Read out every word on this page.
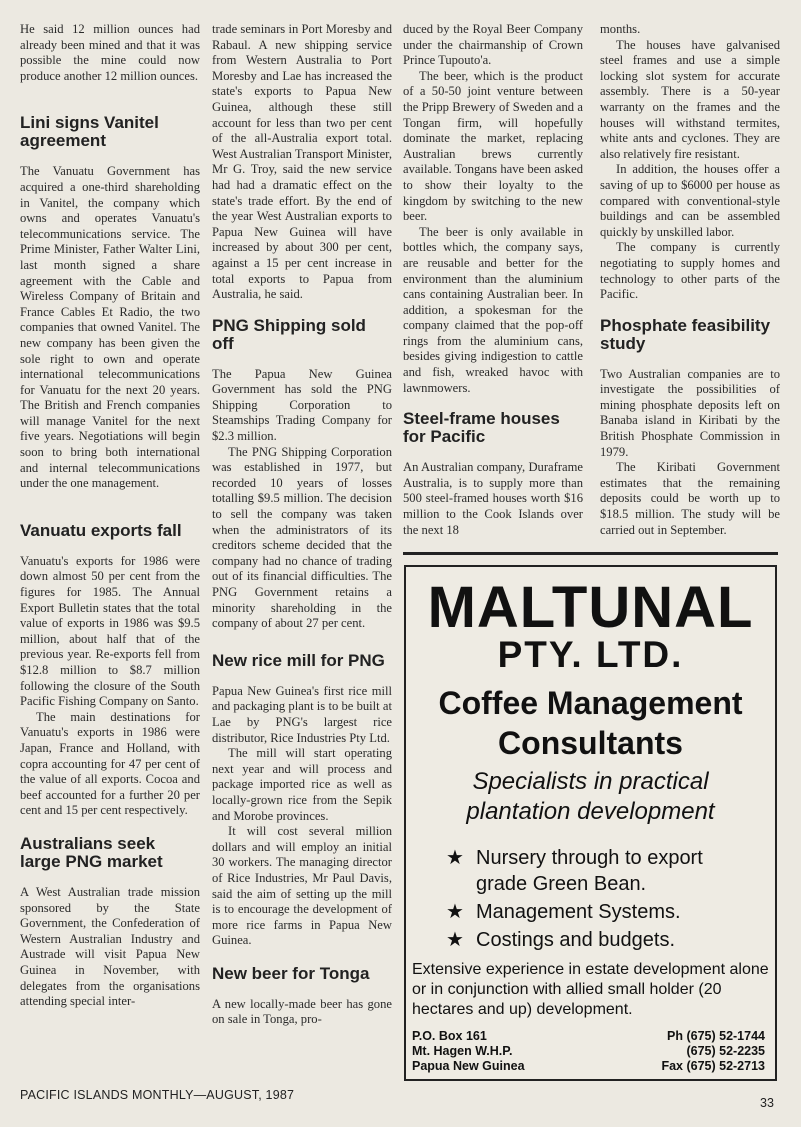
He said 12 million ounces had already been mined and that it was possible the mine could now produce another 12 million ounces.

Lini signs Vanitel agreement

The Vanuatu Government has acquired a one-third shareholding in Vanitel, the company which owns and operates Vanuatu's telecommunications service. The Prime Minister, Father Walter Lini, last month signed a share agreement with the Cable and Wireless Company of Britain and France Cables Et Radio, the two companies that owned Vanitel. The new company has been given the sole right to own and operate international telecommunications for Vanuatu for the next 20 years. The British and French companies will manage Vanitel for the next five years. Negotiations will begin soon to bring both international and internal telecommunications under the one management.

Vanuatu exports fall

Vanuatu's exports for 1986 were down almost 50 per cent from the figures for 1985. The Annual Export Bulletin states that the total value of exports in 1986 was $9.5 million, about half that of the previous year. Re-exports fell from $12.8 million to $8.7 million following the closure of the South Pacific Fishing Company on Santo.

The main destinations for Vanuatu's exports in 1986 were Japan, France and Holland, with copra accounting for 47 per cent of the value of all exports. Cocoa and beef accounted for a further 20 per cent and 15 per cent respectively.

Australians seek large PNG market

A West Australian trade mission sponsored by the State Government, the Confederation of Western Australian Industry and Austrade will visit Papua New Guinea in November, with delegates from the organisations attending special inter-

trade seminars in Port Moresby and Rabaul. A new shipping service from Western Australia to Port Moresby and Lae has increased the state's exports to Papua New Guinea, although these still account for less than two per cent of the all-Australia export total. West Australian Transport Minister, Mr G. Troy, said the new service had had a dramatic effect on the state's trade effort. By the end of the year West Australian exports to Papua New Guinea will have increased by about 300 per cent, against a 15 per cent increase in total exports to Papua from Australia, he said.

PNG Shipping sold off

The Papua New Guinea Government has sold the PNG Shipping Corporation to Steamships Trading Company for $2.3 million.

The PNG Shipping Corporation was established in 1977, but recorded 10 years of losses totalling $9.5 million. The decision to sell the company was taken when the administrators of its creditors scheme decided that the company had no chance of trading out of its financial difficulties. The PNG Government retains a minority shareholding in the company of about 27 per cent.

New rice mill for PNG

Papua New Guinea's first rice mill and packaging plant is to be built at Lae by PNG's largest rice distributor, Rice Industries Pty Ltd.

The mill will start operating next year and will process and package imported rice as well as locally-grown rice from the Sepik and Morobe provinces.

It will cost several million dollars and will employ an initial 30 workers. The managing director of Rice Industries, Mr Paul Davis, said the aim of setting up the mill is to encourage the development of more rice farms in Papua New Guinea.

New beer for Tonga

A new locally-made beer has gone on sale in Tonga, pro-

duced by the Royal Beer Company under the chairmanship of Crown Prince Tupouto'a.

The beer, which is the product of a 50-50 joint venture between the Pripp Brewery of Sweden and a Tongan firm, will hopefully dominate the market, replacing Australian brews currently available. Tongans have been asked to show their loyalty to the kingdom by switching to the new beer.

The beer is only available in bottles which, the company says, are reusable and better for the environment than the aluminium cans containing Australian beer. In addition, a spokesman for the company claimed that the pop-off rings from the aluminium cans, besides giving indigestion to cattle and fish, wreaked havoc with lawnmowers.

Steel-frame houses for Pacific

An Australian company, Duraframe Australia, is to supply more than 500 steel-framed houses worth $16 million to the Cook Islands over the next 18

months.

The houses have galvanised steel frames and use a simple locking slot system for accurate assembly. There is a 50-year warranty on the frames and the houses will withstand termites, white ants and cyclones. They are also relatively fire resistant.

In addition, the houses offer a saving of up to $6000 per house as compared with conventional-style buildings and can be assembled quickly by unskilled labor.

The company is currently negotiating to supply homes and technology to other parts of the Pacific.

Phosphate feasibility study

Two Australian companies are to investigate the possibilities of mining phosphate deposits left on Banaba island in Kiribati by the British Phosphate Commission in 1979.

The Kiribati Government estimates that the remaining deposits could be worth up to $18.5 million. The study will be carried out in September.

MALTUNAL
PTY. LTD.
Coffee Management
Consultants
Specialists in practical
plantation development
★ Nursery through to export grade Green Bean.
★ Management Systems.
★ Costings and budgets.
Extensive experience in estate development alone or in conjunction with allied small holder (20 hectares and up) development.
P.O. Box 161
Mt. Hagen W.H.P.
Papua New Guinea
Ph (675) 52-1744
(675) 52-2235
Fax (675) 52-2713
PACIFIC ISLANDS MONTHLY—AUGUST, 1987
33
